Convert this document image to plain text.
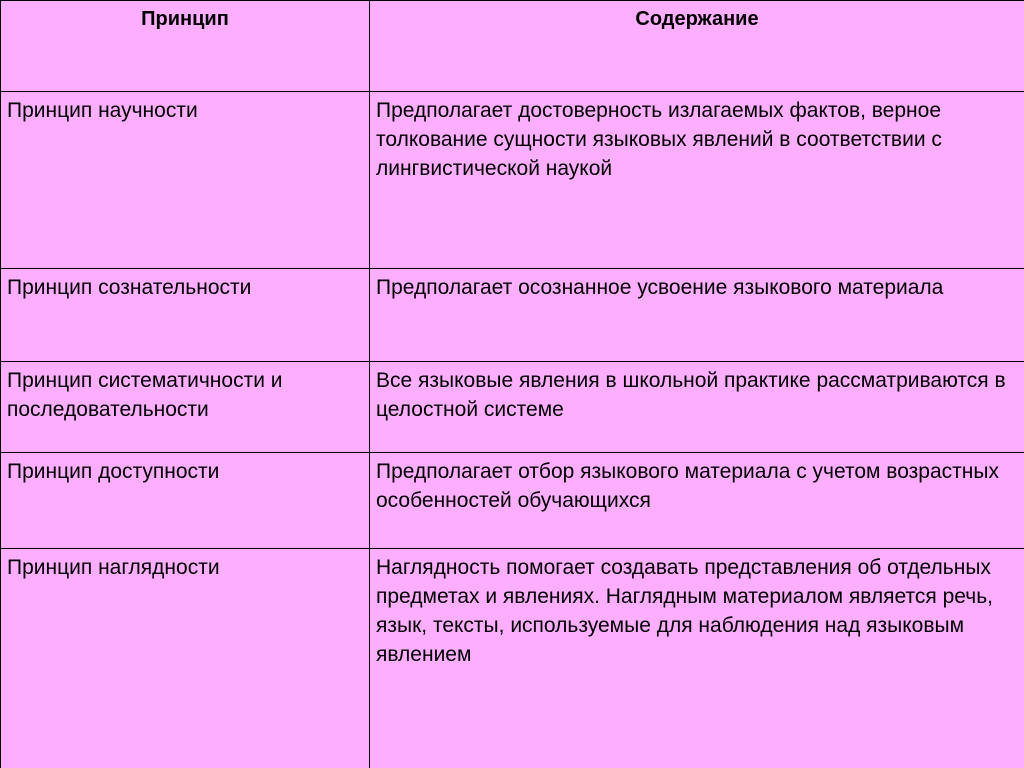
Принцип	Содержание
Принцип научности	Предполагает достоверность излагаемых фактов, верное толкование сущности языковых явлений в соответствии с лингвистической наукой
Принцип сознательности	Предполагает осознанное усвоение языкового материала
Принцип систематичности и последовательности	Все языковые явления в школьной практике рассматриваются в целостной системе
Принцип доступности	Предполагает отбор языкового материала с учетом возрастных особенностей обучающихся
Принцип наглядности	Наглядность помогает создавать представления об отдельных предметах и явлениях. Наглядным материалом является речь, язык, тексты, используемые для наблюдения над языковым явлением
